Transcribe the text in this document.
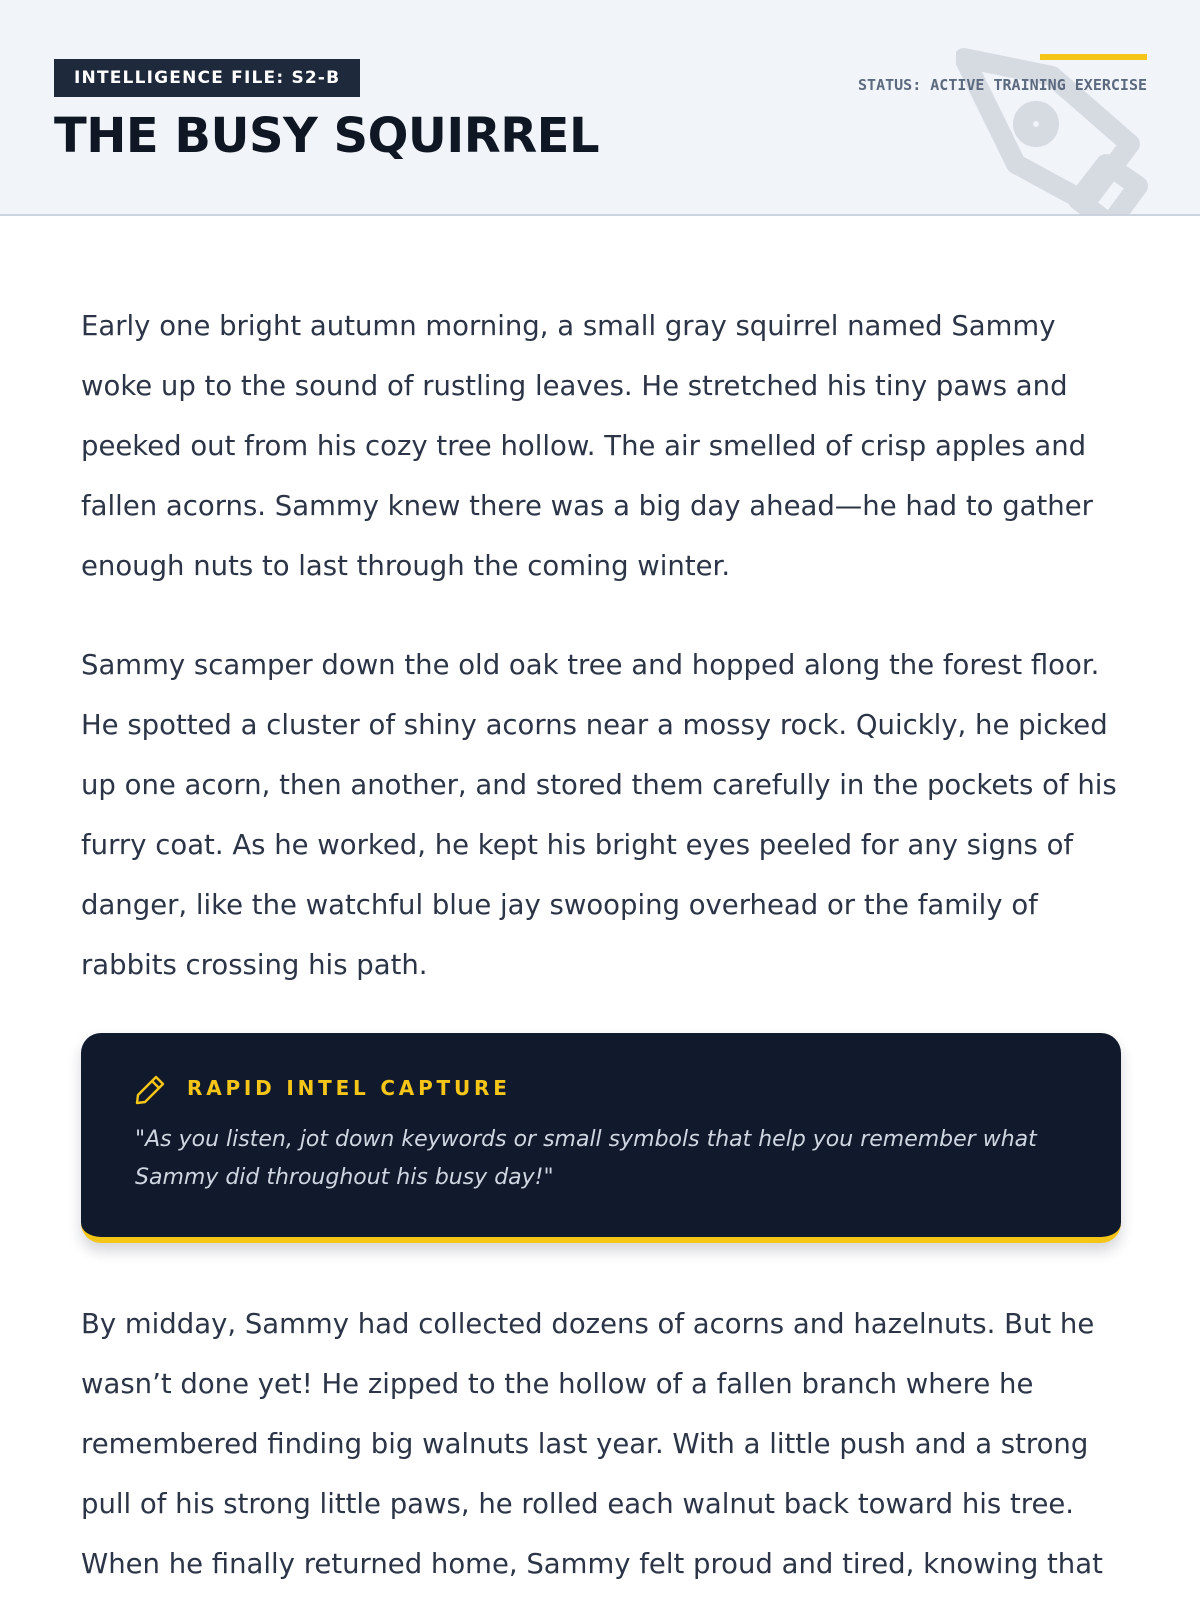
INTELLIGENCE FILE: S2-B
THE BUSY SQUIRREL
STATUS: ACTIVE TRAINING EXERCISE

Early one bright autumn morning, a small gray squirrel named Sammy woke up to the sound of rustling leaves. He stretched his tiny paws and peeked out from his cozy tree hollow. The air smelled of crisp apples and fallen acorns. Sammy knew there was a big day ahead—he had to gather enough nuts to last through the coming winter.

Sammy scamper down the old oak tree and hopped along the forest floor. He spotted a cluster of shiny acorns near a mossy rock. Quickly, he picked up one acorn, then another, and stored them carefully in the pockets of his furry coat. As he worked, he kept his bright eyes peeled for any signs of danger, like the watchful blue jay swooping overhead or the family of rabbits crossing his path.

RAPID INTEL CAPTURE
"As you listen, jot down keywords or small symbols that help you remember what Sammy did throughout his busy day!"

By midday, Sammy had collected dozens of acorns and hazelnuts. But he wasn’t done yet! He zipped to the hollow of a fallen branch where he remembered finding big walnuts last year. With a little push and a strong pull of his strong little paws, he rolled each walnut back toward his tree. When he finally returned home, Sammy felt proud and tired, knowing that
